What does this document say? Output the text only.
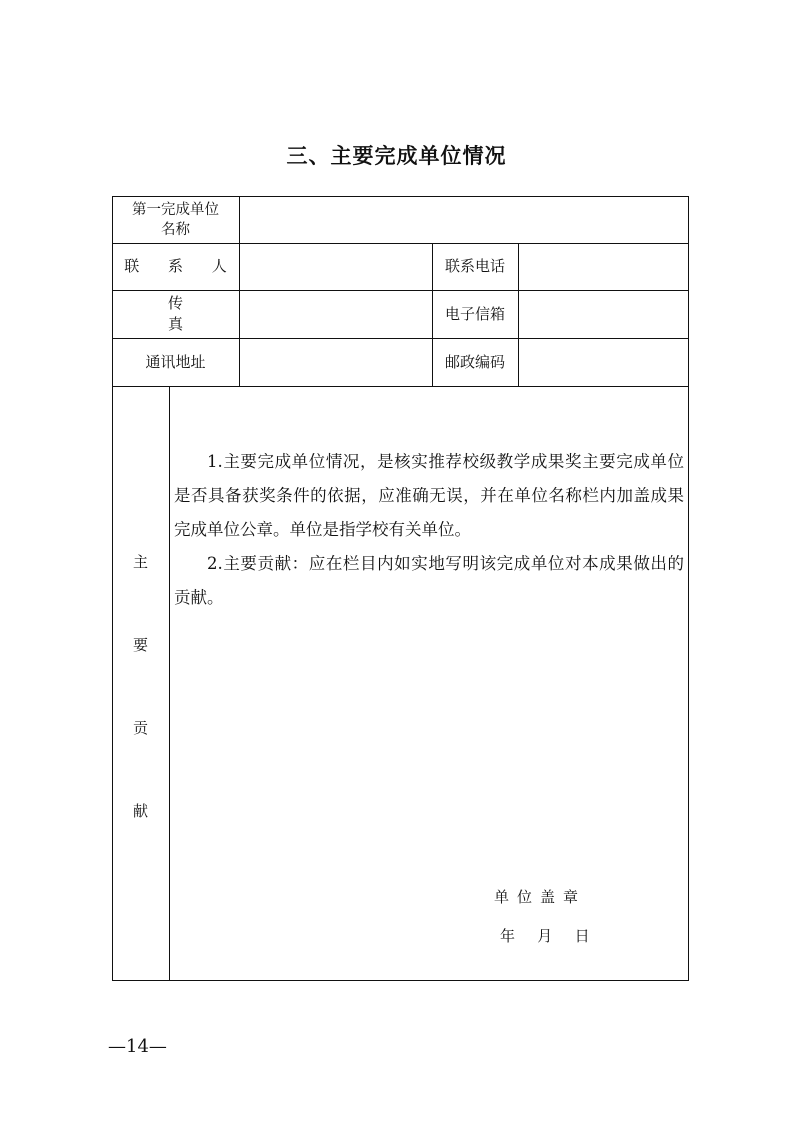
三、主要完成单位情况
第一完成单位
名称
联 系 人	联系电话
传 真
电子信箱
通讯地址	邮政编码
主
要
贡
献

1.主要完成单位情况，是核实推荐校级教学成果奖主要完成单位是否具备获奖条件的依据，应准确无误，并在单位名称栏内加盖成果完成单位公章。单位是指学校有关单位。

2.主要贡献：应在栏目内如实地写明该完成单位对本成果做出的贡献。

单位盖章
年   月   日
—14—
